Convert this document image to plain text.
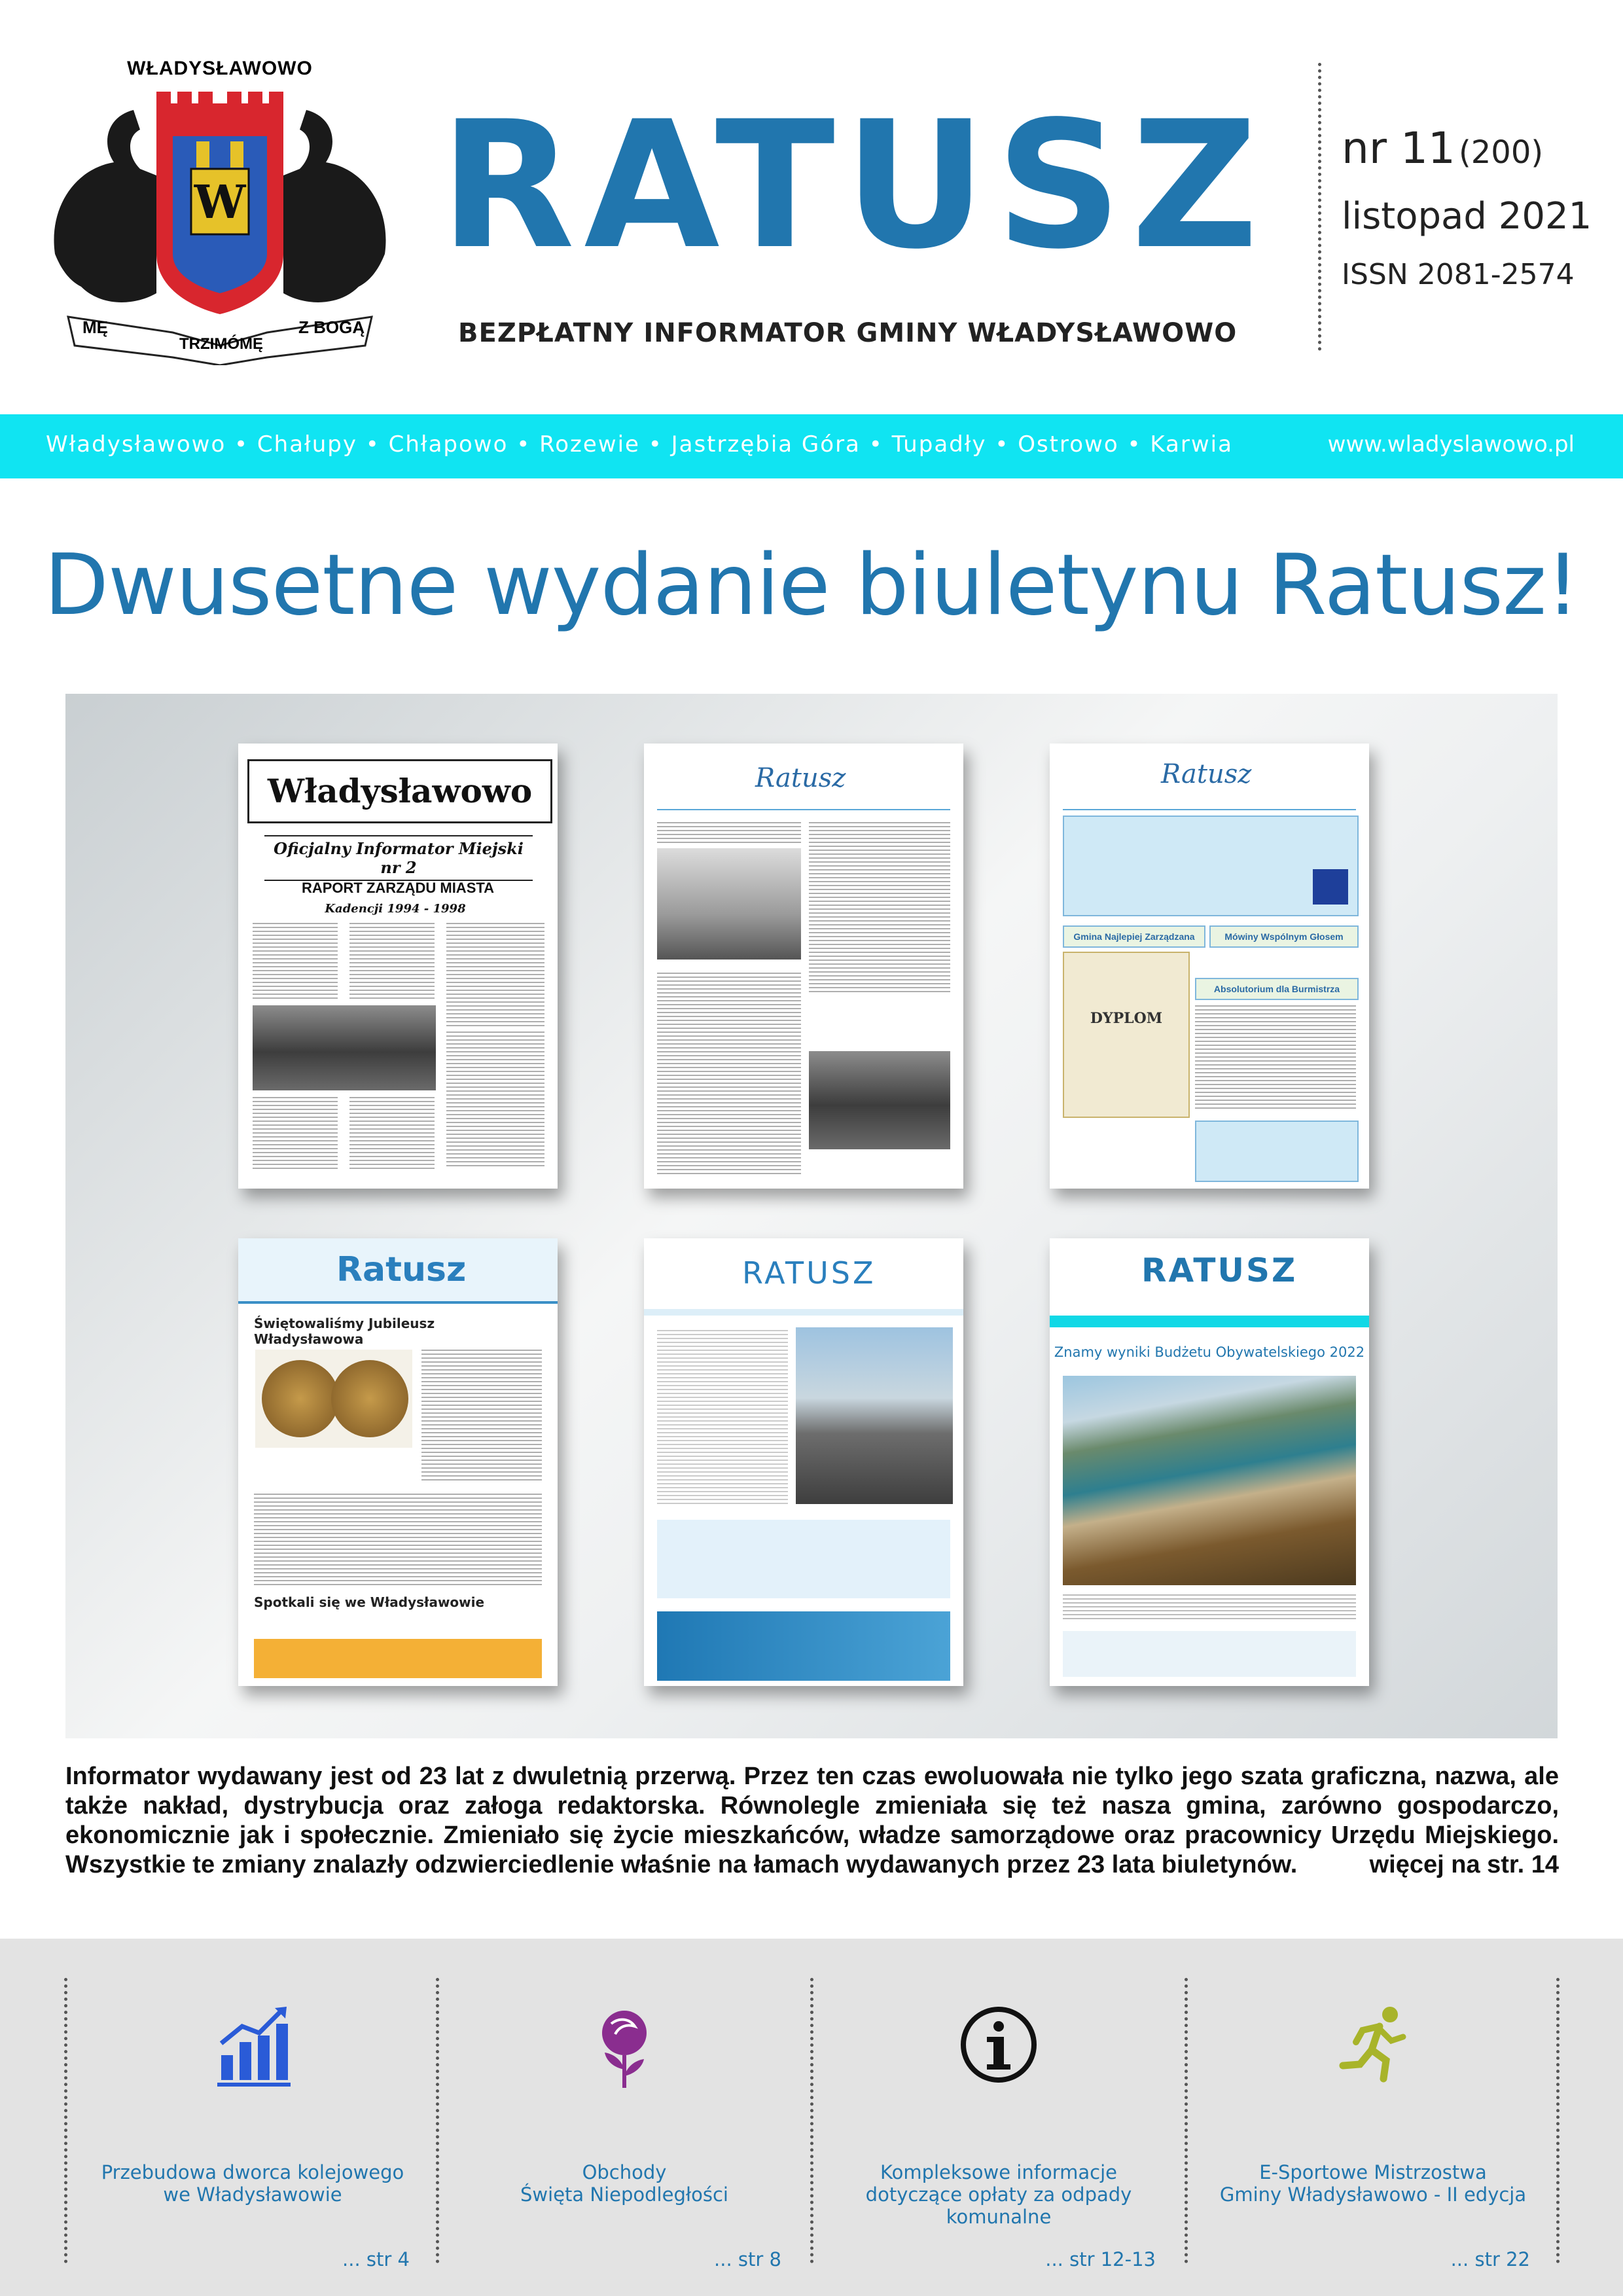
WŁADYSŁAWOWO
W
MĘ
TRZIMÓMĘ
Z BOGĄ
RATUSZ
BEZPŁATNY INFORMATOR GMINY WŁADYSŁAWOWO
nr 11 (200)
listopad 2021
ISSN 2081-2574
Władysławowo • Chałupy • Chłapowo • Rozewie • Jastrzębia Góra • Tupadły • Ostrowo • Karwia	www.wladyslawowo.pl
Dwusetne wydanie biuletynu Ratusz!
Władysławowo
Oficjalny Informator Miejski nr 2
RAPORT ZARZĄDU MIASTA
Kadencji 1994 - 1998
Ratusz	Ratusz
Gmina Najlepiej Zarządzana	Mówiny Wspólnym Głosem
DYPLOM
Absolutorium dla Burmistrza
Ratusz
Świętowaliśmy Jubileusz Władysławowa
Spotkali się we Władysławowie
RATUSZ	RATUSZ
Znamy wyniki Budżetu Obywatelskiego 2022
Informator wydawany jest od 23 lat z dwuletnią przerwą. Przez ten czas ewoluowała nie tylko jego szata graficzna, nazwa, ale także nakład, dystrybucja oraz załoga redaktorska. Równolegle zmieniała się też nasza gmina, zarówno gospodarczo, ekonomicznie jak i społecznie. Zmieniało się życie mieszkańców, władze samorządowe oraz pracownicy Urzędu Miejskiego. Wszystkie te zmiany znalazły odzwierciedlenie właśnie na łamach wydawanych przez 23 lata biuletynów.	więcej na str. 14
Przebudowa dworca kolejowego
we Władysławowie
... str 4
Obchody
Święta Niepodległości
... str 8
Kompleksowe informacje
dotyczące opłaty za odpady komunalne
... str 12-13
E-Sportowe Mistrzostwa
Gminy Władysławowo - II edycja
... str 22
